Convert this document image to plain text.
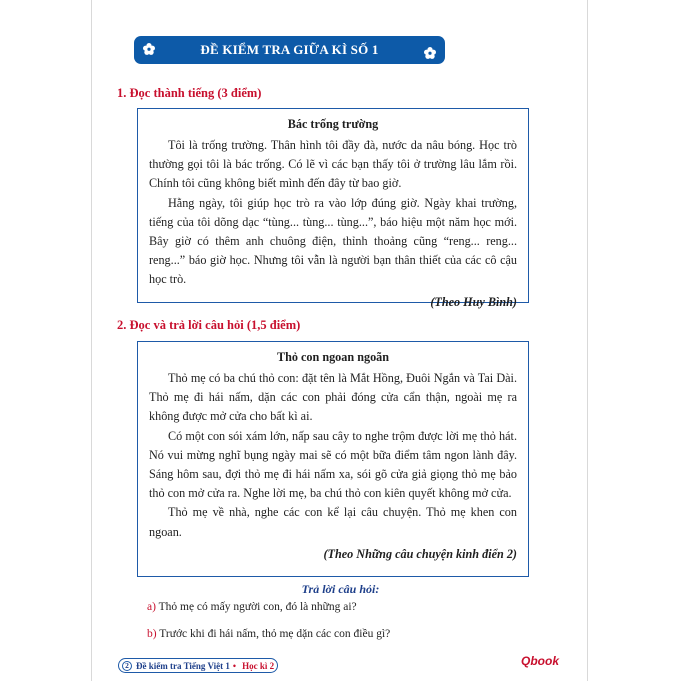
ĐỀ KIỂM TRA GIỮA KÌ SỐ 1
1. Đọc thành tiếng (3 điểm)
Bác trống trường

Tôi là trống trường. Thân hình tôi đầy đà, nước da nâu bóng. Học trò thường gọi tôi là bác trống. Có lẽ vì các bạn thấy tôi ở trường lâu lắm rồi. Chính tôi cũng không biết mình đến đây từ bao giờ.

Hằng ngày, tôi giúp học trò ra vào lớp đúng giờ. Ngày khai trường, tiếng của tôi dõng dạc “tùng... tùng... tùng...”, báo hiệu một năm học mới. Bây giờ có thêm anh chuông điện, thỉnh thoảng cũng “reng... reng... reng...” báo giờ học. Nhưng tôi vẫn là người bạn thân thiết của các cô cậu học trò.

(Theo Huy Bình)
2. Đọc và trả lời câu hỏi (1,5 điểm)
Thỏ con ngoan ngoãn

Thỏ mẹ có ba chú thỏ con: đặt tên là Mắt Hồng, Đuôi Ngắn và Tai Dài. Thỏ mẹ đi hái nấm, dặn các con phải đóng cửa cẩn thận, ngoài mẹ ra không được mở cửa cho bất kì ai.

Có một con sói xám lớn, nấp sau cây to nghe trộm được lời mẹ thỏ hát. Nó vui mừng nghĩ bụng ngày mai sẽ có một bữa điểm tâm ngon lành đây. Sáng hôm sau, đợi thỏ mẹ đi hái nấm xa, sói gõ cửa giả giọng thỏ mẹ bảo thỏ con mở cửa ra. Nghe lời mẹ, ba chú thỏ con kiên quyết không mở cửa.

Thỏ mẹ về nhà, nghe các con kể lại câu chuyện. Thỏ mẹ khen con ngoan.

(Theo Những câu chuyện kinh điển 2)
Trả lời câu hỏi:
a) Thỏ mẹ có mấy người con, đó là những ai?
b) Trước khi đi hái nấm, thỏ mẹ dặn các con điều gì?
2 Đề kiểm tra Tiếng Việt 1 • Học kì 2	Qbook
